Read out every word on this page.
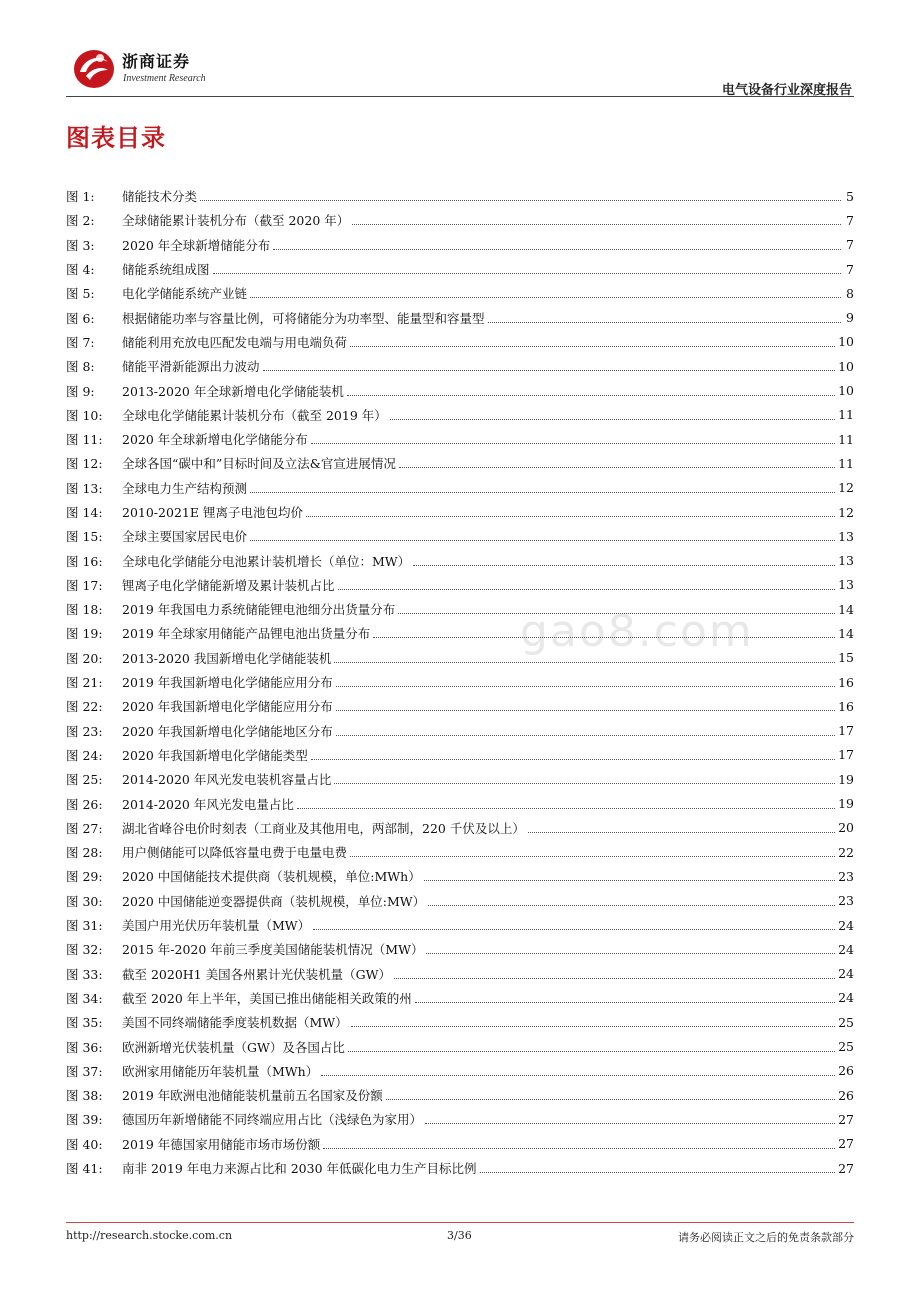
浙商证券
Investment Research
电气设备行业深度报告
gao8.com
图表目录
图 1:	储能技术分类	5
图 2:	全球储能累计装机分布（截至 2020 年）	7
图 3:	2020 年全球新增储能分布	7
图 4:	储能系统组成图	7
图 5:	电化学储能系统产业链	8
图 6:	根据储能功率与容量比例，可将储能分为功率型、能量型和容量型	9
图 7:	储能利用充放电匹配发电端与用电端负荷	10
图 8:	储能平滑新能源出力波动	10
图 9:	2013-2020 年全球新增电化学储能装机	10
图 10:	全球电化学储能累计装机分布（截至 2019 年）	11
图 11:	2020 年全球新增电化学储能分布	11
图 12:	全球各国“碳中和”目标时间及立法&官宣进展情况	11
图 13:	全球电力生产结构预测	12
图 14:	2010-2021E 锂离子电池包均价	12
图 15:	全球主要国家居民电价	13
图 16:	全球电化学储能分电池累计装机增长（单位：MW）	13
图 17:	锂离子电化学储能新增及累计装机占比	13
图 18:	2019 年我国电力系统储能锂电池细分出货量分布	14
图 19:	2019 年全球家用储能产品锂电池出货量分布	14
图 20:	2013-2020 我国新增电化学储能装机	15
图 21:	2019 年我国新增电化学储能应用分布	16
图 22:	2020 年我国新增电化学储能应用分布	16
图 23:	2020 年我国新增电化学储能地区分布	17
图 24:	2020 年我国新增电化学储能类型	17
图 25:	2014-2020 年风光发电装机容量占比	19
图 26:	2014-2020 年风光发电量占比	19
图 27:	湖北省峰谷电价时刻表（工商业及其他用电，两部制，220 千伏及以上）	20
图 28:	用户侧储能可以降低容量电费于电量电费	22
图 29:	2020 中国储能技术提供商（装机规模，单位:MWh）	23
图 30:	2020 中国储能逆变器提供商（装机规模，单位:MW）	23
图 31:	美国户用光伏历年装机量（MW）	24
图 32:	2015 年-2020 年前三季度美国储能装机情况（MW）	24
图 33:	截至 2020H1 美国各州累计光伏装机量（GW）	24
图 34:	截至 2020 年上半年，美国已推出储能相关政策的州	24
图 35:	美国不同终端储能季度装机数据（MW）	25
图 36:	欧洲新增光伏装机量（GW）及各国占比	25
图 37:	欧洲家用储能历年装机量（MWh）	26
图 38:	2019 年欧洲电池储能装机量前五名国家及份额	26
图 39:	德国历年新增储能不同终端应用占比（浅绿色为家用）	27
图 40:	2019 年德国家用储能市场市场份额	27
图 41:	南非 2019 年电力来源占比和 2030 年低碳化电力生产目标比例	27
http://research.stocke.com.cn	3/36	请务必阅读正文之后的免责条款部分
